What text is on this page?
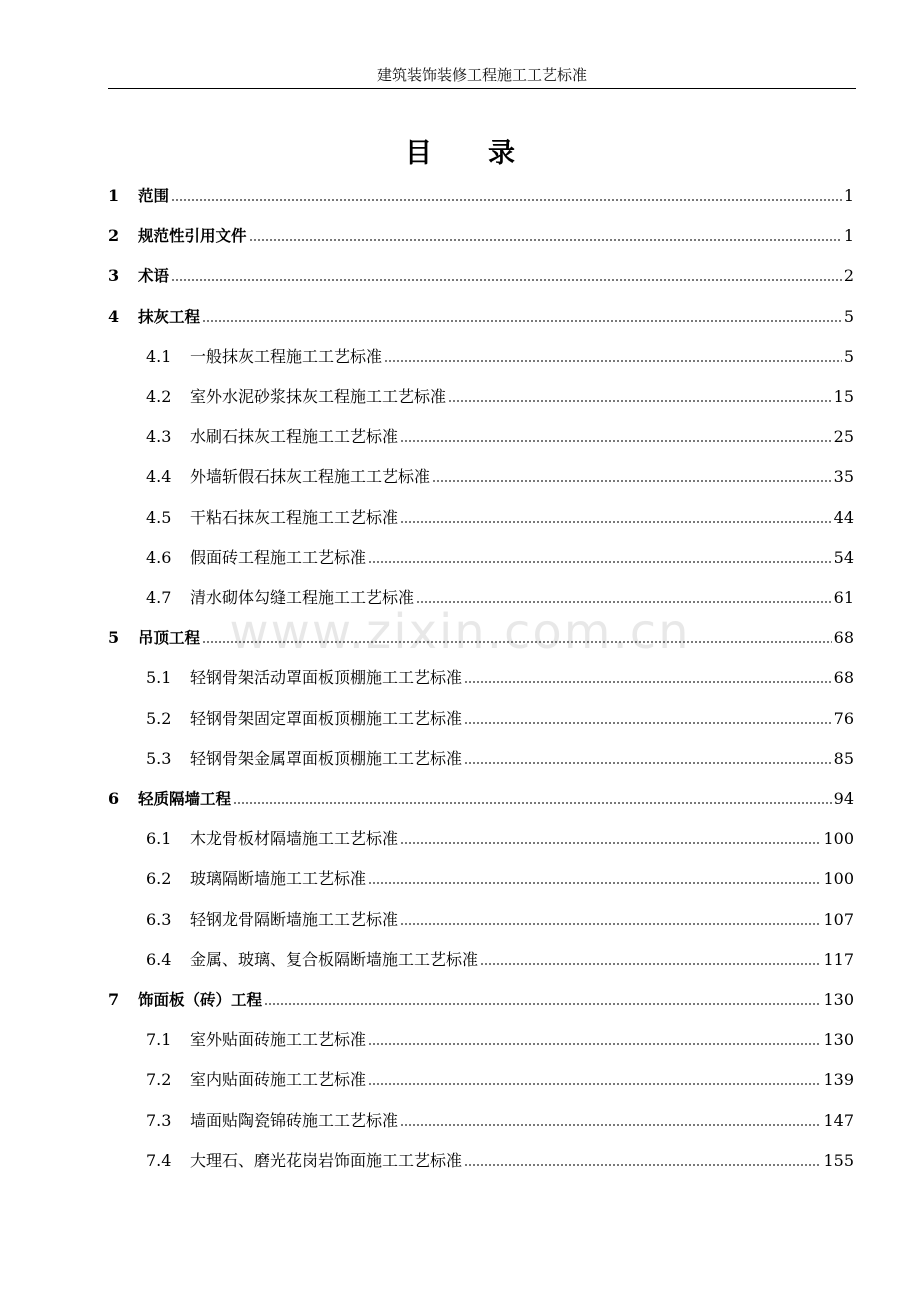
建筑装饰装修工程施工工艺标准
目录
1	范围	1
2	规范性引用文件	1
3	术语	2
4	抹灰工程	5
4.1	一般抹灰工程施工工艺标准	5
4.2	室外水泥砂浆抹灰工程施工工艺标准	15
4.3	水刷石抹灰工程施工工艺标准	25
4.4	外墙斩假石抹灰工程施工工艺标准	35
4.5	干粘石抹灰工程施工工艺标准	44
4.6	假面砖工程施工工艺标准	54
4.7	清水砌体勾缝工程施工工艺标准	61
5	吊顶工程	68
5.1	轻钢骨架活动罩面板顶棚施工工艺标准	68
5.2	轻钢骨架固定罩面板顶棚施工工艺标准	76
5.3	轻钢骨架金属罩面板顶棚施工工艺标准	85
6	轻质隔墙工程	94
6.1	木龙骨板材隔墙施工工艺标准	100
6.2	玻璃隔断墙施工工艺标准	100
6.3	轻钢龙骨隔断墙施工工艺标准	107
6.4	金属、玻璃、复合板隔断墙施工工艺标准	117
7	饰面板（砖）工程	130
7.1	室外贴面砖施工工艺标准	130
7.2	室内贴面砖施工工艺标准	139
7.3	墙面贴陶瓷锦砖施工工艺标准	147
7.4	大理石、磨光花岗岩饰面施工工艺标准	155
www.zixin.com.cn
